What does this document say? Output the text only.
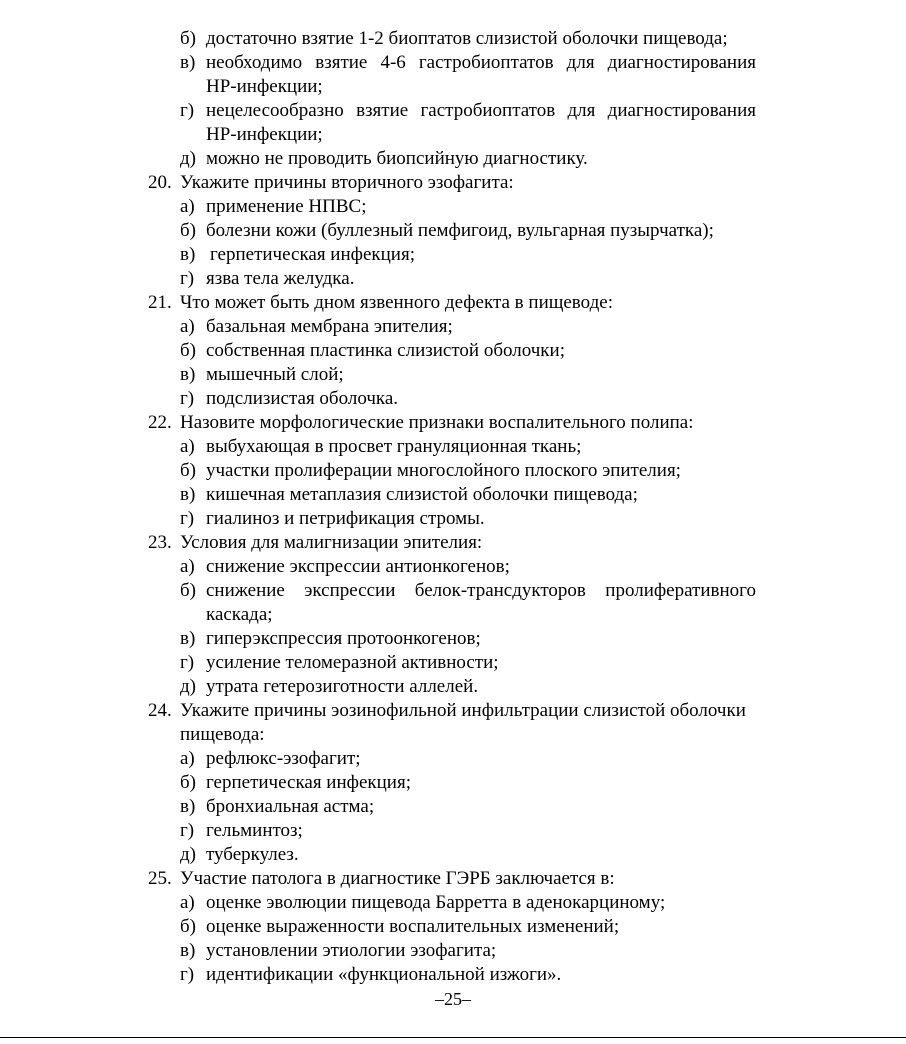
б) достаточно взятие 1-2 биоптатов слизистой оболочки пищевода;
в) необходимо взятие 4-6 гастробиоптатов для диагностирования
НР-инфекции;
г) нецелесообразно взятие гастробиоптатов для диагностирования
НР-инфекции;
д) можно не проводить биопсийную диагностику.
20. Укажите причины вторичного эзофагита:
а) применение НПВС;
б) болезни кожи (буллезный пемфигоид, вульгарная пузырчатка);
в) герпетическая инфекция;
г) язва тела желудка.
21. Что может быть дном язвенного дефекта в пищеводе:
а) базальная мембрана эпителия;
б) собственная пластинка слизистой оболочки;
в) мышечный слой;
г) подслизистая оболочка.
22. Назовите морфологические признаки воспалительного полипа:
а) выбухающая в просвет грануляционная ткань;
б) участки пролиферации многослойного плоского эпителия;
в) кишечная метаплазия слизистой оболочки пищевода;
г) гиалиноз и петрификация стромы.
23. Условия для малигнизации эпителия:
а) снижение экспрессии антионкогенов;
б) снижение экспрессии белок-трансдукторов пролиферативного
каскада;
в) гиперэкспрессия протоонкогенов;
г) усиление теломеразной активности;
д) утрата гетерозиготности аллелей.
24. Укажите причины эозинофильной инфильтрации слизистой оболочки
пищевода:
а) рефлюкс-эзофагит;
б) герпетическая инфекция;
в) бронхиальная астма;
г) гельминтоз;
д) туберкулез.
25. Участие патолога в диагностике ГЭРБ заключается в:
а) оценке эволюции пищевода Барретта в аденокарциному;
б) оценке выраженности воспалительных изменений;
в) установлении этиологии эзофагита;
г) идентификации «функциональной изжоги».
–25–
